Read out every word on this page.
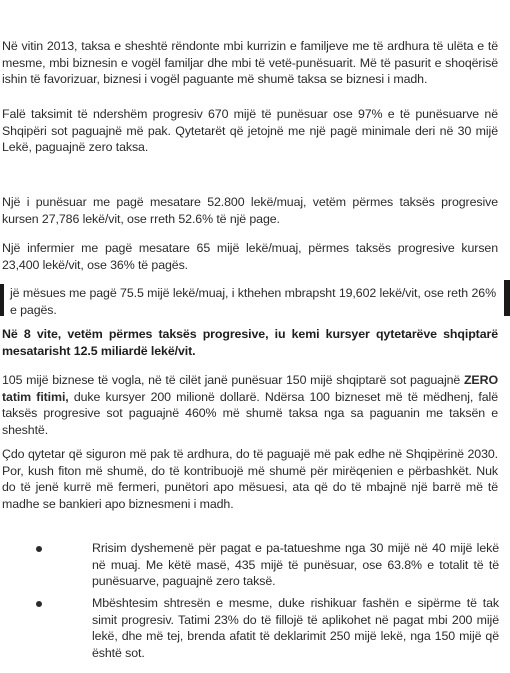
Në vitin 2013, taksa e sheshtë rëndonte mbi kurrizin e familjeve me të ardhura të ulëta e të mesme, mbi biznesin e vogël familjar dhe mbi të vetë-punësuarit. Më të pasurit e shoqërisë ishin të favorizuar, biznesi i vogël paguante më shumë taksa se biznesi i madh.

Falë taksimit të ndershëm progresiv 670 mijë të punësuar ose 97% e të punësuarve në Shqipëri sot paguajnë më pak. Qytetarët që jetojnë me një pagë minimale deri në 30 mijë Lekë, paguajnë zero taksa.

Një i punësuar me pagë mesatare 52.800 lekë/muaj, vetëm përmes taksës progresive kursen 27,786 lekë/vit, ose rreth 52.6% të një page.

Një infermier me pagë mesatare 65 mijë lekë/muaj, përmes taksës progresive kursen 23,400 lekë/vit, ose 36% të pagës.

jë mësues me pagë 75.5 mijë lekë/muaj, i kthehen mbrapsht 19,602 lekë/vit, ose reth 26% e pagës.

Në 8 vite, vetëm përmes taksës progresive, iu kemi kursyer qytetarëve shqiptarë mesatarisht 12.5 miliardë lekë/vit.

105 mijë biznese të vogla, në të cilët janë punësuar 150 mijë shqiptarë sot paguajnë ZERO tatim fitimi, duke kursyer 200 milionë dollarë. Ndërsa 100 bizneset më të mëdhenj, falë taksës progresive sot paguajnë 460% më shumë taksa nga sa paguanin me taksën e sheshtë.

Çdo qytetar që siguron më pak të ardhura, do të paguajë më pak edhe në Shqipërinë 2030. Por, kush fiton më shumë, do të kontribuojë më shumë për mirëqenien e përbashkët. Nuk do të jenë kurrë më fermeri, punëtori apo mësuesi, ata që do të mbajnë një barrë më të madhe se bankieri apo biznesmeni i madh.

Rrisim dyshemenë për pagat e pa-tatueshme nga 30 mijë në 40 mijë lekë në muaj. Me këtë masë, 435 mijë të punësuar, ose 63.8% e totalit të të punësuarve, paguajnë zero taksë.

Mbështesim shtresën e mesme, duke rishikuar fashën e sipërme të tak simit progresiv. Tatimi 23% do të fillojë të aplikohet në pagat mbi 200 mijë lekë, dhe më tej, brenda afatit të deklarimit 250 mijë lekë, nga 150 mijë që është sot.
